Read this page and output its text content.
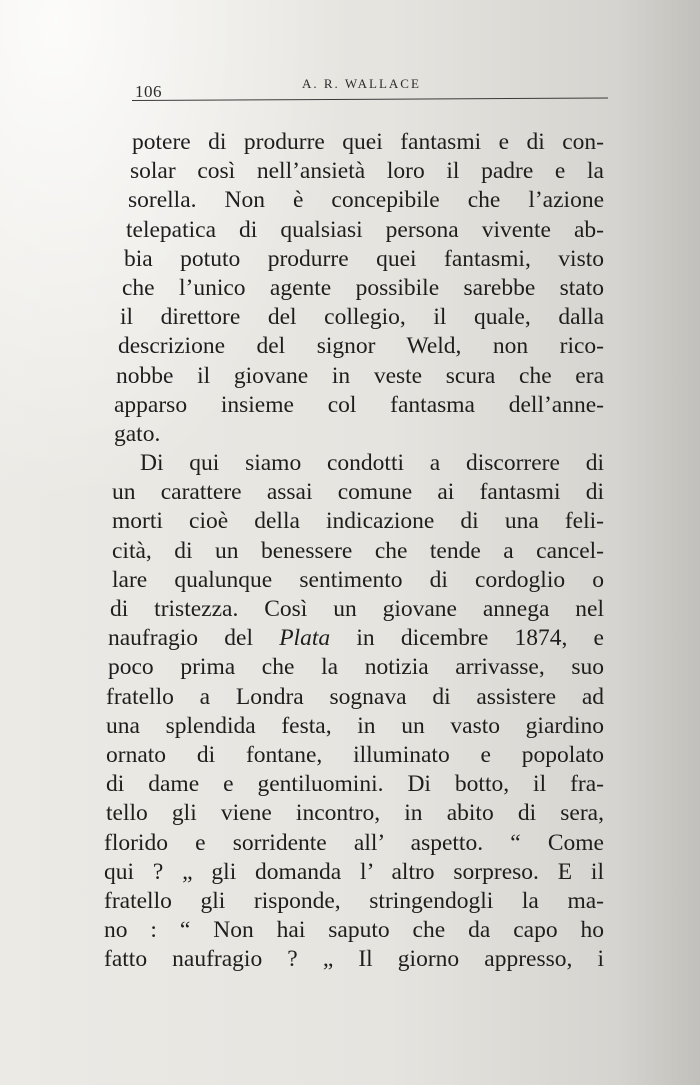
106	A. R. WALLACE
potere di produrre quei fantasmi e di con-
solar così nell’ansietà loro il padre e la
sorella. Non è concepibile che l’azione
telepatica di qualsiasi persona vivente ab-
bia potuto produrre quei fantasmi, visto
che l’unico agente possibile sarebbe stato
il direttore del collegio, il quale, dalla
descrizione del signor Weld, non rico-
nobbe il giovane in veste scura che era
apparso insieme col fantasma dell’anne-
gato.
Di qui siamo condotti a discorrere di
un carattere assai comune ai fantasmi di
morti cioè della indicazione di una feli-
cità, di un benessere che tende a cancel-
lare qualunque sentimento di cordoglio o
di tristezza. Così un giovane annega nel
naufragio del Plata in dicembre 1874, e
poco prima che la notizia arrivasse, suo
fratello a Londra sognava di assistere ad
una splendida festa, in un vasto giardino
ornato di fontane, illuminato e popolato
di dame e gentiluomini. Di botto, il fra-
tello gli viene incontro, in abito di sera,
florido e sorridente all’ aspetto. “ Come
qui ? „ gli domanda l’ altro sorpreso. E il
fratello gli risponde, stringendogli la ma-
no : “ Non hai saputo che da capo ho
fatto naufragio ? „ Il giorno appresso, i
